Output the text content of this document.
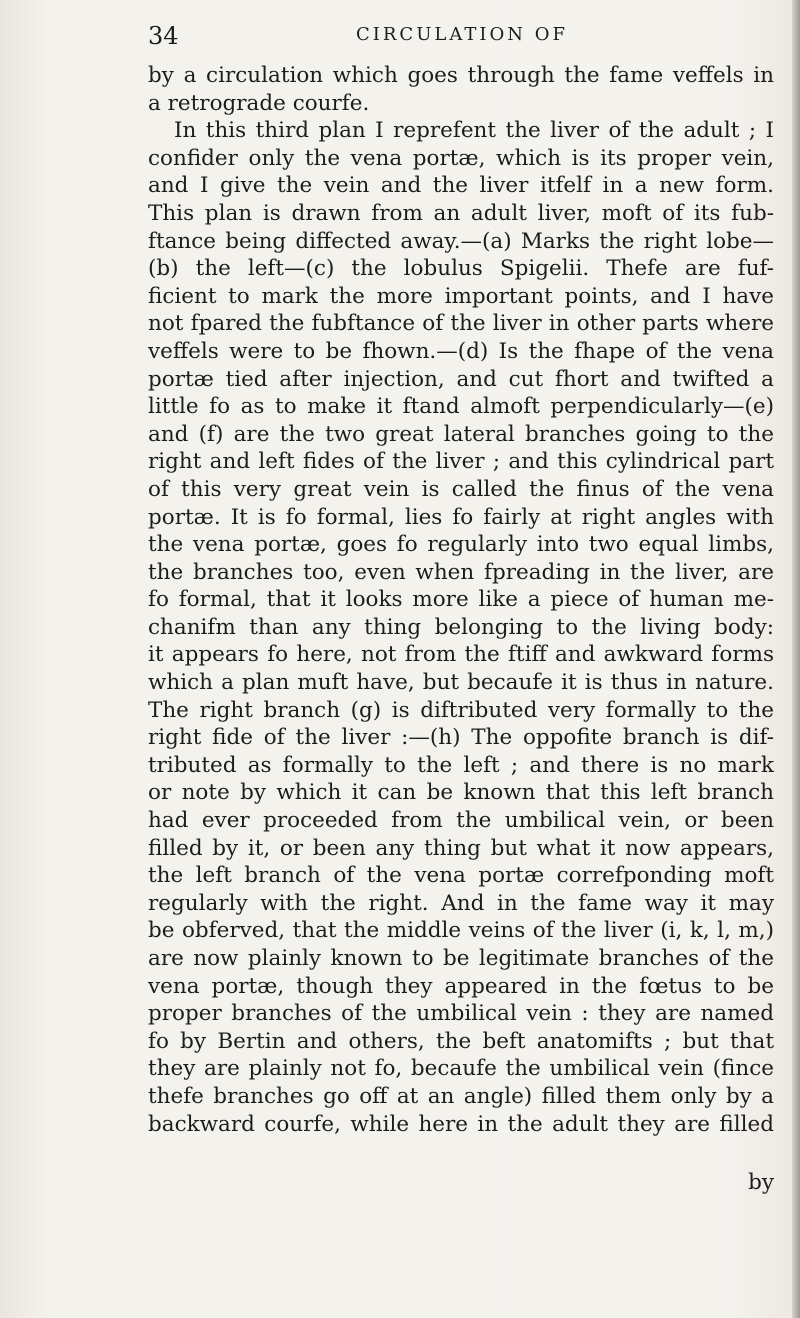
34	CIRCULATION OF
by a circulation which goes through the fame veffels in
a retrograde courfe.
In this third plan I reprefent the liver of the adult ; I
confider only the vena portæ, which is its proper vein,
and I give the vein and the liver itfelf in a new form.
This plan is drawn from an adult liver, moft of its fub-
ftance being diffected away.—(a) Marks the right lobe—
(b) the left—(c) the lobulus Spigelii. Thefe are fuf-
ficient to mark the more important points, and I have
not fpared the fubftance of the liver in other parts where
veffels were to be fhown.—(d) Is the fhape of the vena
portæ tied after injection, and cut fhort and twifted a
little fo as to make it ftand almoft perpendicularly—(e)
and (f) are the two great lateral branches going to the
right and left fides of the liver ; and this cylindrical part
of this very great vein is called the finus of the vena
portæ. It is fo formal, lies fo fairly at right angles with
the vena portæ, goes fo regularly into two equal limbs,
the branches too, even when fpreading in the liver, are
fo formal, that it looks more like a piece of human me-
chanifm than any thing belonging to the living body:
it appears fo here, not from the ftiff and awkward forms
which a plan muft have, but becaufe it is thus in nature.
The right branch (g) is diftributed very formally to the
right fide of the liver :—(h) The oppofite branch is dif-
tributed as formally to the left ; and there is no mark
or note by which it can be known that this left branch
had ever proceeded from the umbilical vein, or been
filled by it, or been any thing but what it now appears,
the left branch of the vena portæ correfponding moft
regularly with the right. And in the fame way it may
be obferved, that the middle veins of the liver (i, k, l, m,)
are now plainly known to be legitimate branches of the
vena portæ, though they appeared in the fœtus to be
proper branches of the umbilical vein : they are named
fo by Bertin and others, the beft anatomifts ; but that
they are plainly not fo, becaufe the umbilical vein (fince
thefe branches go off at an angle) filled them only by a
backward courfe, while here in the adult they are filled
by
